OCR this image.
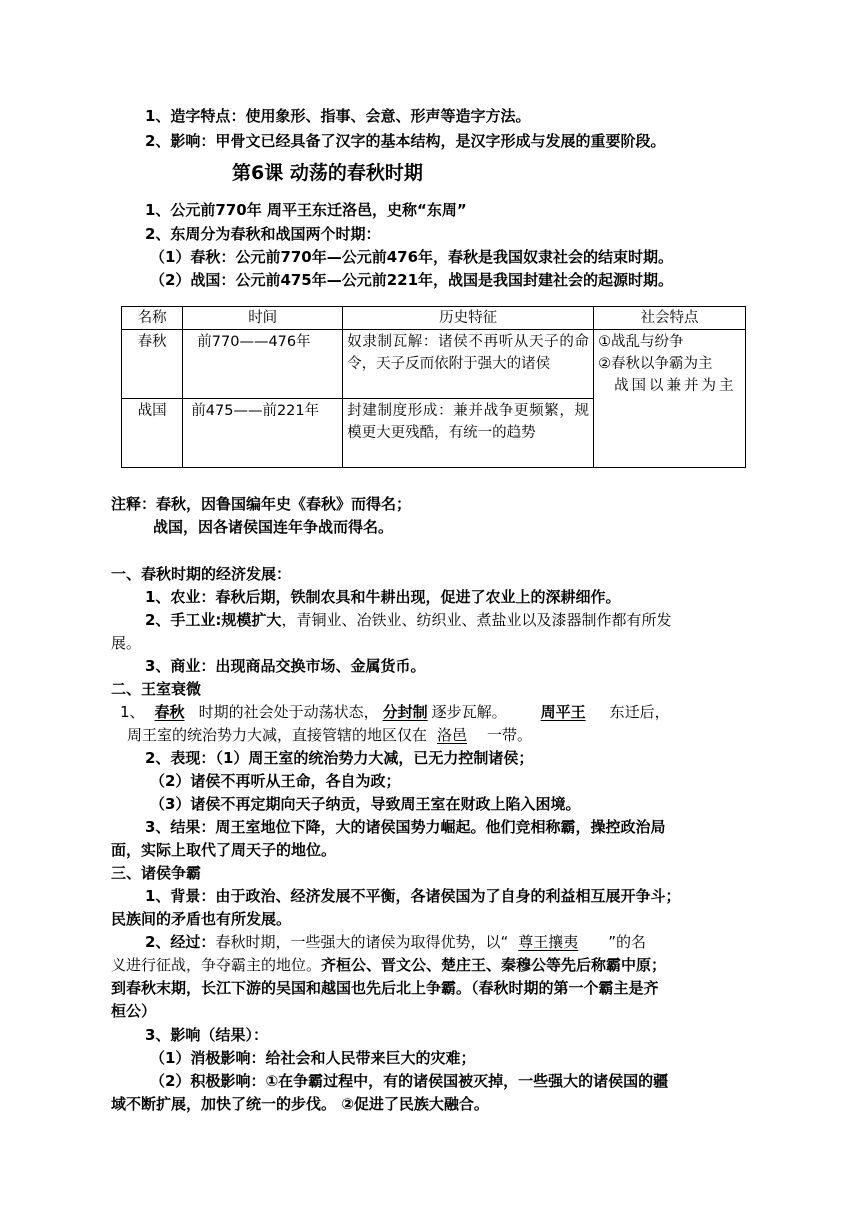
1、造字特点：使用象形、指事、会意、形声等造字方法。
2、影响：甲骨文已经具备了汉字的基本结构，是汉字形成与发展的重要阶段。
第6课 动荡的春秋时期
1、公元前770年 周平王东迁洛邑，史称“东周”
2、东周分为春秋和战国两个时期：
（1）春秋：公元前770年—公元前476年，春秋是我国奴隶社会的结束时期。
（2）战国：公元前475年—公元前221年，战国是我国封建社会的起源时期。
名称	时间	历史特征	社会特点
春秋	前770——476年	奴隶制瓦解：诸侯不再听从天子的命令，天子反而依附于强大的诸侯	①战乱与纷争
②春秋以争霸为主
战国以兼并为主

战国	前475——前221年	封建制度形成：兼并战争更频繁，规模更大更残酷，有统一的趋势	
注释：春秋，因鲁国编年史《春秋》而得名；
战国，因各诸侯国连年争战而得名。
一、春秋时期的经济发展：
1、农业：春秋后期，铁制农具和牛耕出现，促进了农业上的深耕细作。
2、手工业:规模扩大，青铜业、冶铁业、纺织业、煮盐业以及漆器制作都有所发
展。
3、商业：出现商品交换市场、金属货币。
二、王室衰微
1、 春秋 时期的社会处于动荡状态， 分封制 逐步瓦解。 周平王 东迁后，
周王室的统治势力大减，直接管辖的地区仅在 洛邑 一带。
2、表现：（1）周王室的统治势力大减，已无力控制诸侯；
（2）诸侯不再听从王命，各自为政；
（3）诸侯不再定期向天子纳贡，导致周王室在财政上陷入困境。
3、结果：周王室地位下降，大的诸侯国势力崛起。他们竞相称霸，操控政治局
面，实际上取代了周天子的地位。
三、诸侯争霸
1、背景：由于政治、经济发展不平衡，各诸侯国为了自身的利益相互展开争斗；
民族间的矛盾也有所发展。
2、经过：春秋时期，一些强大的诸侯为取得优势，以“ 尊王攘夷 ”的名
义进行征战，争夺霸主的地位。齐桓公、晋文公、楚庄王、秦穆公等先后称霸中原；
到春秋末期，长江下游的吴国和越国也先后北上争霸。（春秋时期的第一个霸主是齐
桓公）
3、影响（结果）：
（1）消极影响：给社会和人民带来巨大的灾难；
（2）积极影响：①在争霸过程中，有的诸侯国被灭掉，一些强大的诸侯国的疆
域不断扩展，加快了统一的步伐。 ②促进了民族大融合。
